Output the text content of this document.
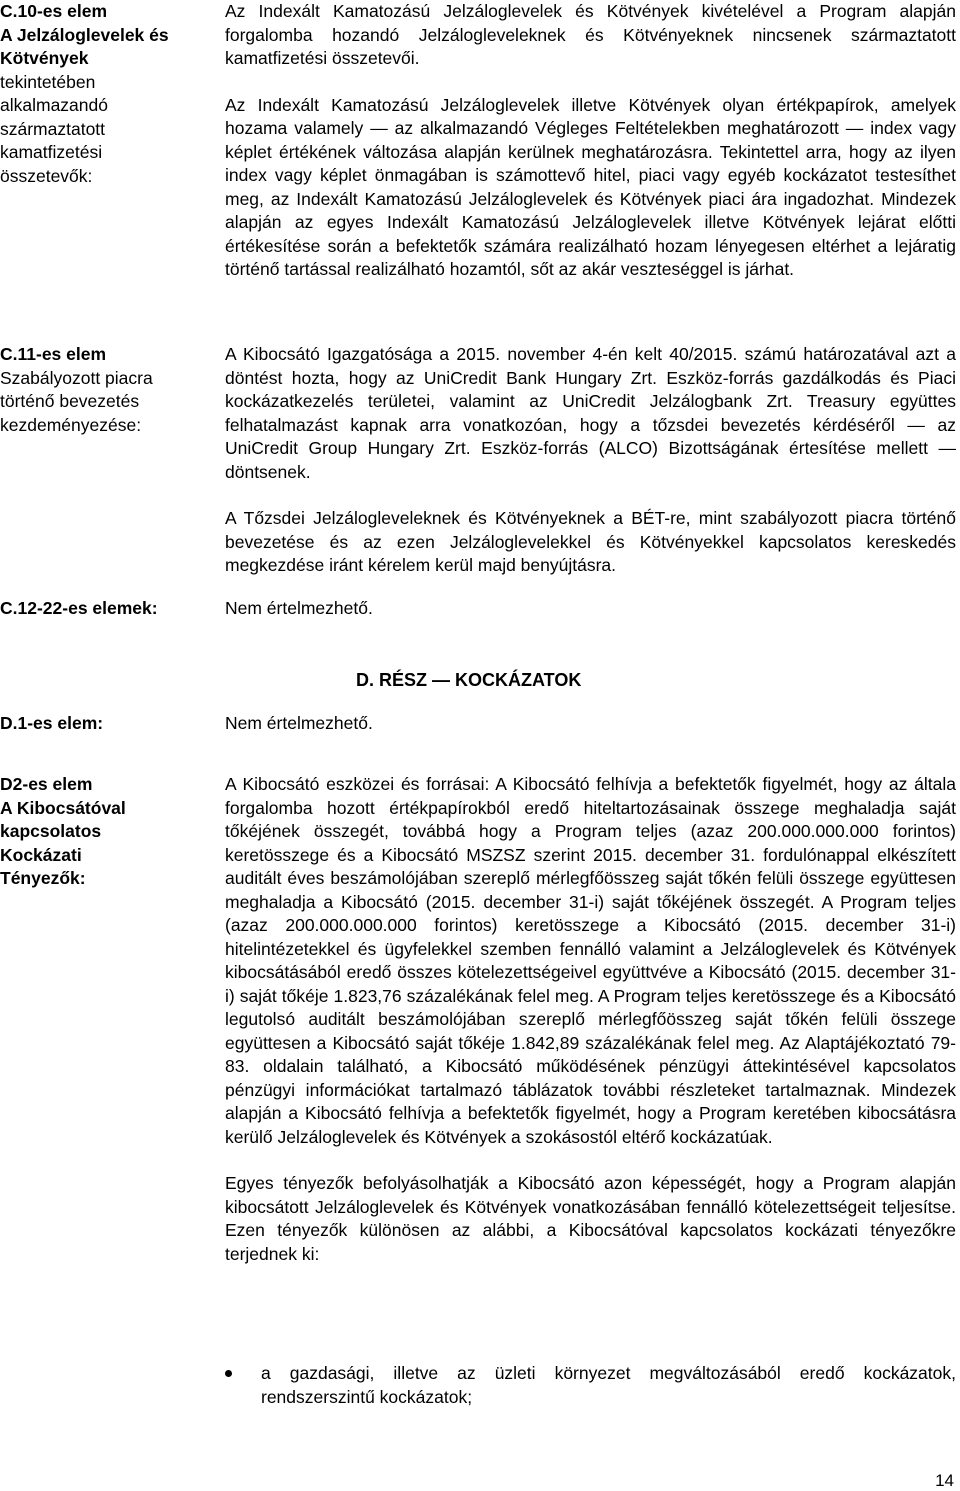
C.10-es elem
A Jelzáloglevelek és
Kötvények
tekintetében
alkalmazandó
származtatott
kamatfizetési
összetevők:

Az Indexált Kamatozású Jelzáloglevelek és Kötvények kivételével a Program alapján forgalomba hozandó Jelzálogleveleknek és Kötvényeknek nincsenek származtatott kamatfizetési összetevői.

Az Indexált Kamatozású Jelzáloglevelek illetve Kötvények olyan értékpapírok, amelyek hozama valamely — az alkalmazandó Végleges Feltételekben meghatározott — index vagy képlet értékének változása alapján kerülnek meghatározásra. Tekintettel arra, hogy az ilyen index vagy képlet önmagában is számottevő hitel, piaci vagy egyéb kockázatot testesíthet meg, az Indexált Kamatozású Jelzáloglevelek és Kötvények piaci ára ingadozhat. Mindezek alapján az egyes Indexált Kamatozású Jelzáloglevelek illetve Kötvények lejárat előtti értékesítése során a befektetők számára realizálható hozam lényegesen eltérhet a lejáratig történő tartással realizálható hozamtól, sőt az akár veszteséggel is járhat.

C.11-es elem
Szabályozott piacra
történő bevezetés
kezdeményezése:

A Kibocsátó Igazgatósága a 2015. november 4-én kelt 40/2015. számú határozatával azt a döntést hozta, hogy az UniCredit Bank Hungary Zrt. Eszköz-forrás gazdálkodás és Piaci kockázatkezelés területei, valamint az UniCredit Jelzálogbank Zrt. Treasury együttes felhatalmazást kapnak arra vonatkozóan, hogy a tőzsdei bevezetés kérdéséről — az UniCredit Group Hungary Zrt. Eszköz-forrás (ALCO) Bizottságának értesítése mellett — döntsenek.

A Tőzsdei Jelzálogleveleknek és Kötvényeknek a BÉT-re, mint szabályozott piacra történő bevezetése és az ezen Jelzáloglevelekkel és Kötvényekkel kapcsolatos kereskedés megkezdése iránt kérelem kerül majd benyújtásra.

C.12-22-es elemek:	Nem értelmezhető.
D. RÉSZ — KOCKÁZATOK
D.1-es elem:	Nem értelmezhető.
D2-es elem
A Kibocsátóval
kapcsolatos
Kockázati
Tényezők:

A Kibocsátó eszközei és forrásai: A Kibocsátó felhívja a befektetők figyelmét, hogy az általa forgalomba hozott értékpapírokból eredő hiteltartozásainak összege meghaladja saját tőkéjének összegét, továbbá hogy a Program teljes (azaz 200.000.000.000 forintos) keretösszege és a Kibocsátó MSZSZ szerint 2015. december 31. fordulónappal elkészített auditált éves beszámolójában szereplő mérlegfőösszeg saját tőkén felüli összege együttesen meghaladja a Kibocsátó (2015. december 31-i) saját tőkéjének összegét. A Program teljes (azaz 200.000.000.000 forintos) keretösszege a Kibocsátó (2015. december 31-i) hitelintézetekkel és ügyfelekkel szemben fennálló valamint a Jelzáloglevelek és Kötvények kibocsátásából eredő összes kötelezettségeivel együttvéve a Kibocsátó (2015. december 31-i) saját tőkéje 1.823,76 százalékának felel meg. A Program teljes keretösszege és a Kibocsátó legutolsó auditált beszámolójában szereplő mérlegfőösszeg saját tőkén felüli összege együttesen a Kibocsátó saját tőkéje 1.842,89 százalékának felel meg. Az Alaptájékoztató 79-83. oldalain található, a Kibocsátó működésének pénzügyi áttekintésével kapcsolatos pénzügyi információkat tartalmazó táblázatok további részleteket tartalmaznak. Mindezek alapján a Kibocsátó felhívja a befektetők figyelmét, hogy a Program keretében kibocsátásra kerülő Jelzáloglevelek és Kötvények a szokásostól eltérő kockázatúak.

Egyes tényezők befolyásolhatják a Kibocsátó azon képességét, hogy a Program alapján kibocsátott Jelzáloglevelek és Kötvények vonatkozásában fennálló kötelezettségeit teljesítse. Ezen tényezők különösen az alábbi, a Kibocsátóval kapcsolatos kockázati tényezőkre terjednek ki:

a gazdasági, illetve az üzleti környezet megváltozásából eredő kockázatok, rendszerszintű kockázatok;
14
